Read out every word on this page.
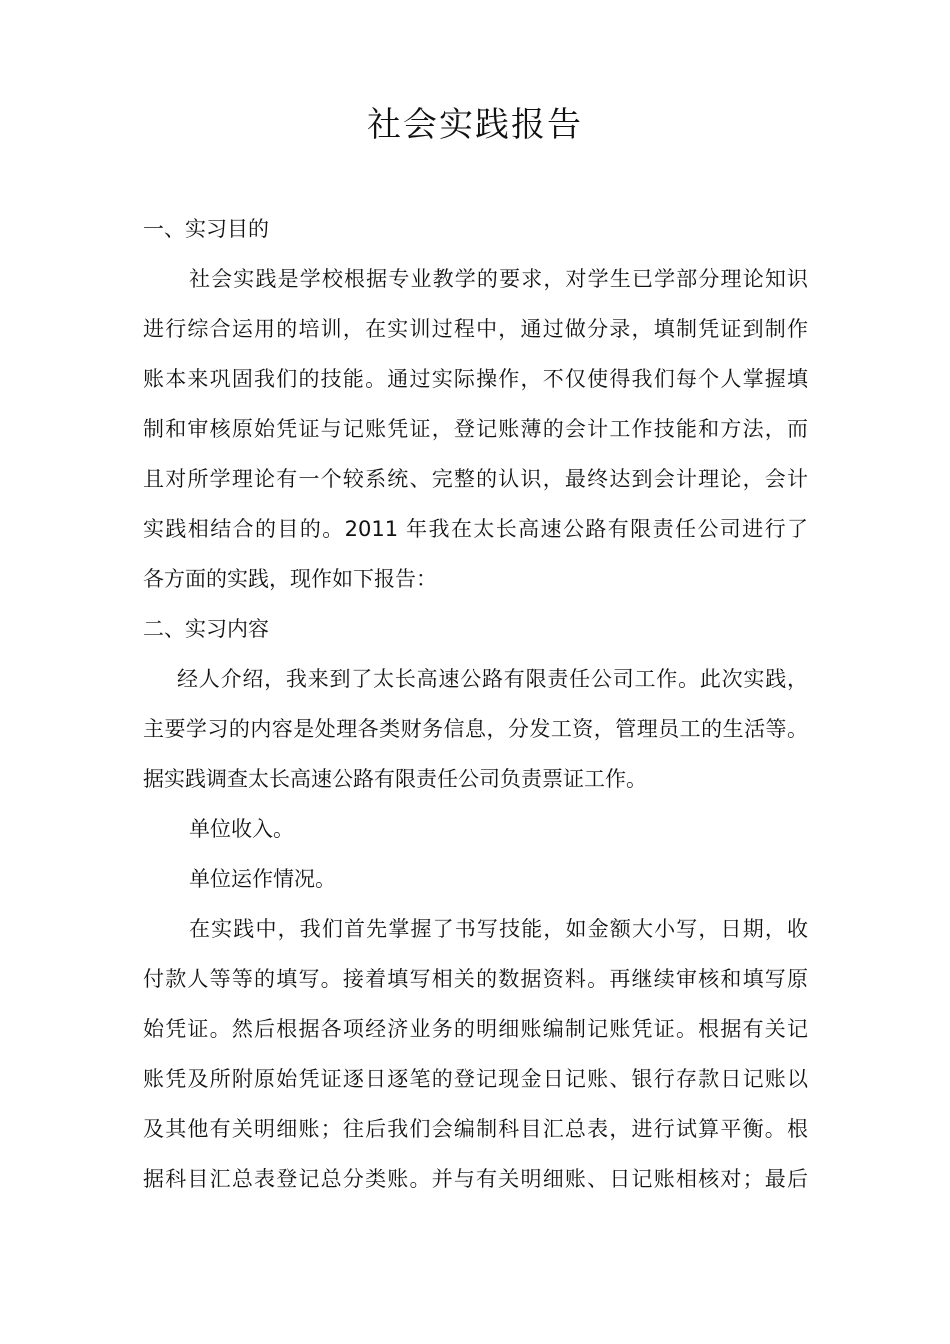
社会实践报告
一、实习目的
社会实践是学校根据专业教学的要求，对学生已学部分理论知识
进行综合运用的培训，在实训过程中，通过做分录，填制凭证到制作
账本来巩固我们的技能。通过实际操作，不仅使得我们每个人掌握填
制和审核原始凭证与记账凭证，登记账薄的会计工作技能和方法，而
且对所学理论有一个较系统、完整的认识，最终达到会计理论，会计
实践相结合的目的。2011 年我在太长高速公路有限责任公司进行了
各方面的实践，现作如下报告：
二、实习内容
经人介绍，我来到了太长高速公路有限责任公司工作。此次实践，
主要学习的内容是处理各类财务信息，分发工资，管理员工的生活等。
据实践调查太长高速公路有限责任公司负责票证工作。
单位收入。
单位运作情况。
在实践中，我们首先掌握了书写技能，如金额大小写，日期，收
付款人等等的填写。接着填写相关的数据资料。再继续审核和填写原
始凭证。然后根据各项经济业务的明细账编制记账凭证。根据有关记
账凭及所附原始凭证逐日逐笔的登记现金日记账、银行存款日记账以
及其他有关明细账；往后我们会编制科目汇总表，进行试算平衡。根
据科目汇总表登记总分类账。并与有关明细账、日记账相核对；最后
